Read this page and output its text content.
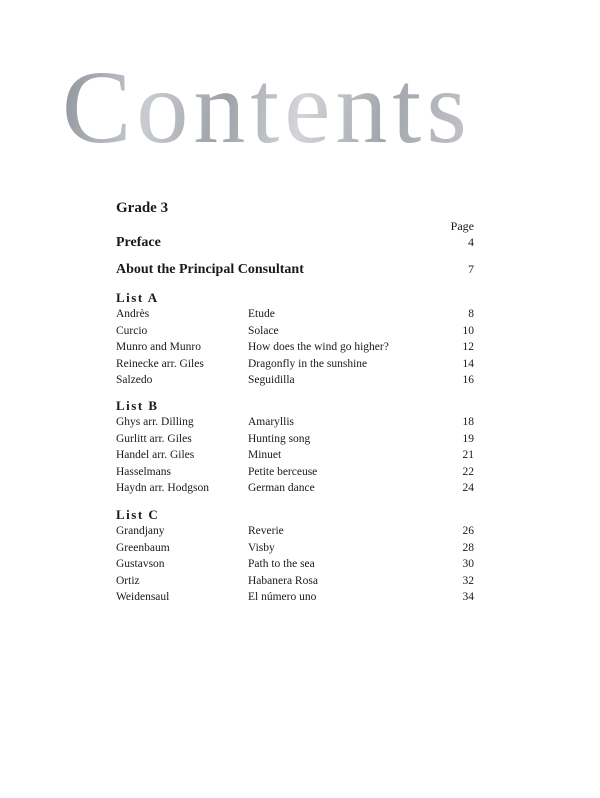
Contents
Grade 3
Page
Preface	4
About the Principal Consultant	7
List A
Andrès	Etude	8
Curcio	Solace	10
Munro and Munro	How does the wind go higher?	12
Reinecke arr. Giles	Dragonfly in the sunshine	14
Salzedo	Seguidilla	16
List B
Ghys arr. Dilling	Amaryllis	18
Gurlitt arr. Giles	Hunting song	19
Handel arr. Giles	Minuet	21
Hasselmans	Petite berceuse	22
Haydn arr. Hodgson	German dance	24
List C
Grandjany	Reverie	26
Greenbaum	Visby	28
Gustavson	Path to the sea	30
Ortiz	Habanera Rosa	32
Weidensaul	El número uno	34
